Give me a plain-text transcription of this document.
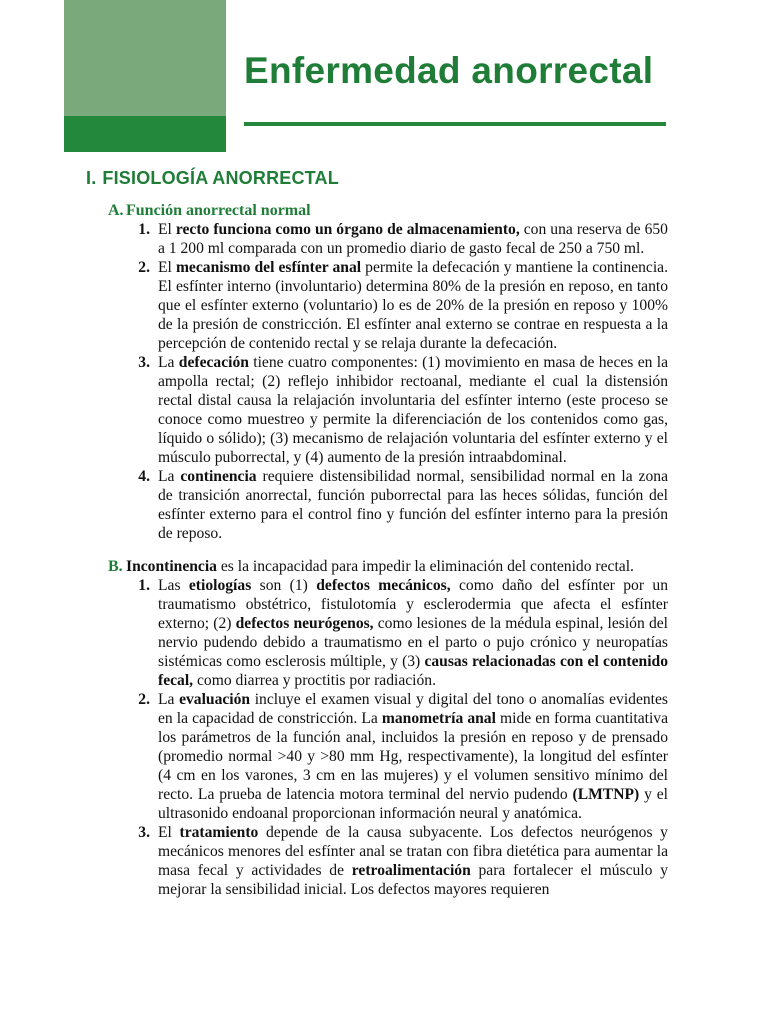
Enfermedad anorrectal
I. FISIOLOGÍA ANORRECTAL
A. Función anorrectal normal
1. El recto funciona como un órgano de almacenamiento, con una reserva de 650 a 1 200 ml comparada con un promedio diario de gasto fecal de 250 a 750 ml.
2. El mecanismo del esfínter anal permite la defecación y mantiene la continencia. El esfínter interno (involuntario) determina 80% de la presión en reposo, en tanto que el esfínter externo (voluntario) lo es de 20% de la presión en reposo y 100% de la presión de constricción. El esfínter anal externo se contrae en respuesta a la percepción de contenido rectal y se relaja durante la defecación.
3. La defecación tiene cuatro componentes: (1) movimiento en masa de heces en la ampolla rectal; (2) reflejo inhibidor rectoanal, mediante el cual la distensión rectal distal causa la relajación involuntaria del esfínter interno (este proceso se conoce como muestreo y permite la diferenciación de los contenidos como gas, líquido o sólido); (3) mecanismo de relajación voluntaria del esfínter externo y el músculo puborrectal, y (4) aumento de la presión intraabdominal.
4. La continencia requiere distensibilidad normal, sensibilidad normal en la zona de transición anorrectal, función puborrectal para las heces sólidas, función del esfínter externo para el control fino y función del esfínter interno para la presión de reposo.
B. Incontinencia es la incapacidad para impedir la eliminación del contenido rectal.

1. Las etiologías son (1) defectos mecánicos, como daño del esfínter por un traumatismo obstétrico, fistulotomía y esclerodermia que afecta el esfínter externo; (2) defectos neurógenos, como lesiones de la médula espinal, lesión del nervio pudendo debido a traumatismo en el parto o pujo crónico y neuropatías sistémicas como esclerosis múltiple, y (3) causas relacionadas con el contenido fecal, como diarrea y proctitis por radiación.
2. La evaluación incluye el examen visual y digital del tono o anomalías evidentes en la capacidad de constricción. La manometría anal mide en forma cuantitativa los parámetros de la función anal, incluidos la presión en reposo y de prensado (promedio normal >40 y >80 mm Hg, respectivamente), la longitud del esfínter (4 cm en los varones, 3 cm en las mujeres) y el volumen sensitivo mínimo del recto. La prueba de latencia motora terminal del nervio pudendo (LMTNP) y el ultrasonido endoanal proporcionan información neural y anatómica.
3. El tratamiento depende de la causa subyacente. Los defectos neurógenos y mecánicos menores del esfínter anal se tratan con fibra dietética para aumentar la masa fecal y actividades de retroalimentación para fortalecer el músculo y mejorar la sensibilidad inicial. Los defectos mayores requieren
